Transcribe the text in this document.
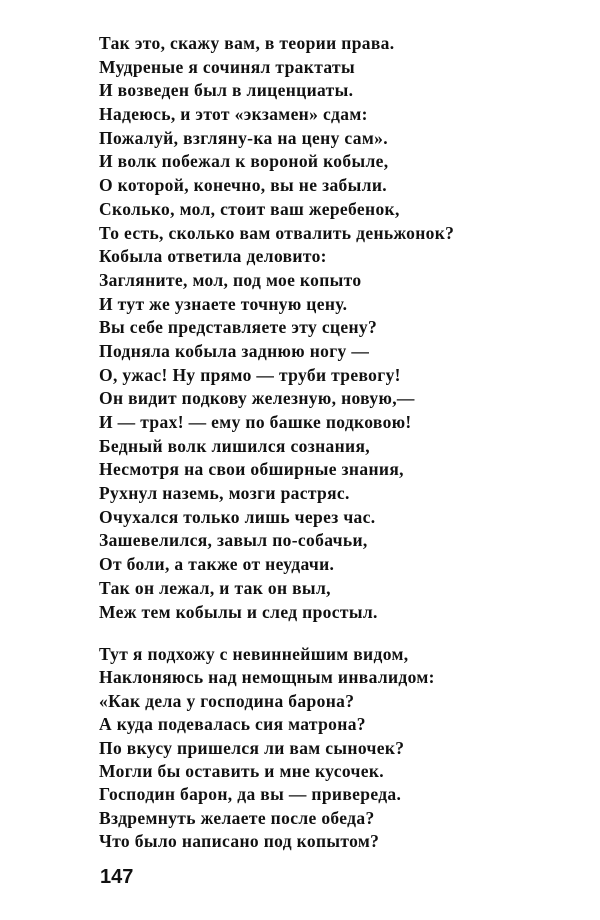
Так это, скажу вам, в теории права.
Мудреные я сочинял трактаты
И возведен был в лиценциаты.
Надеюсь, и этот «экзамен» сдам:
Пожалуй, взгляну-ка на цену сам».
И волк побежал к вороной кобыле,
О которой, конечно, вы не забыли.
Сколько, мол, стоит ваш жеребенок,
То есть, сколько вам отвалить деньжонок?
Кобыла ответила деловито:
Загляните, мол, под мое копыто
И тут же узнаете точную цену.
Вы себе представляете эту сцену?
Подняла кобыла заднюю ногу —
О, ужас! Ну прямо — труби тревогу!
Он видит подкову железную, новую,—
И — трах! — ему по башке подковою!
Бедный волк лишился сознания,
Несмотря на свои обширные знания,
Рухнул наземь, мозги растряс.
Очухался только лишь через час.
Зашевелился, завыл по-собачьи,
От боли, а также от неудачи.
Так он лежал, и так он выл,
Меж тем кобылы и след простыл.
Тут я подхожу с невиннейшим видом,
Наклоняюсь над немощным инвалидом:
«Как дела у господина барона?
А куда подевалась сия матрона?
По вкусу пришелся ли вам сыночек?
Могли бы оставить и мне кусочек.
Господин барон, да вы — привереда.
Вздремнуть желаете после обеда?
Что было написано под копытом?
147
